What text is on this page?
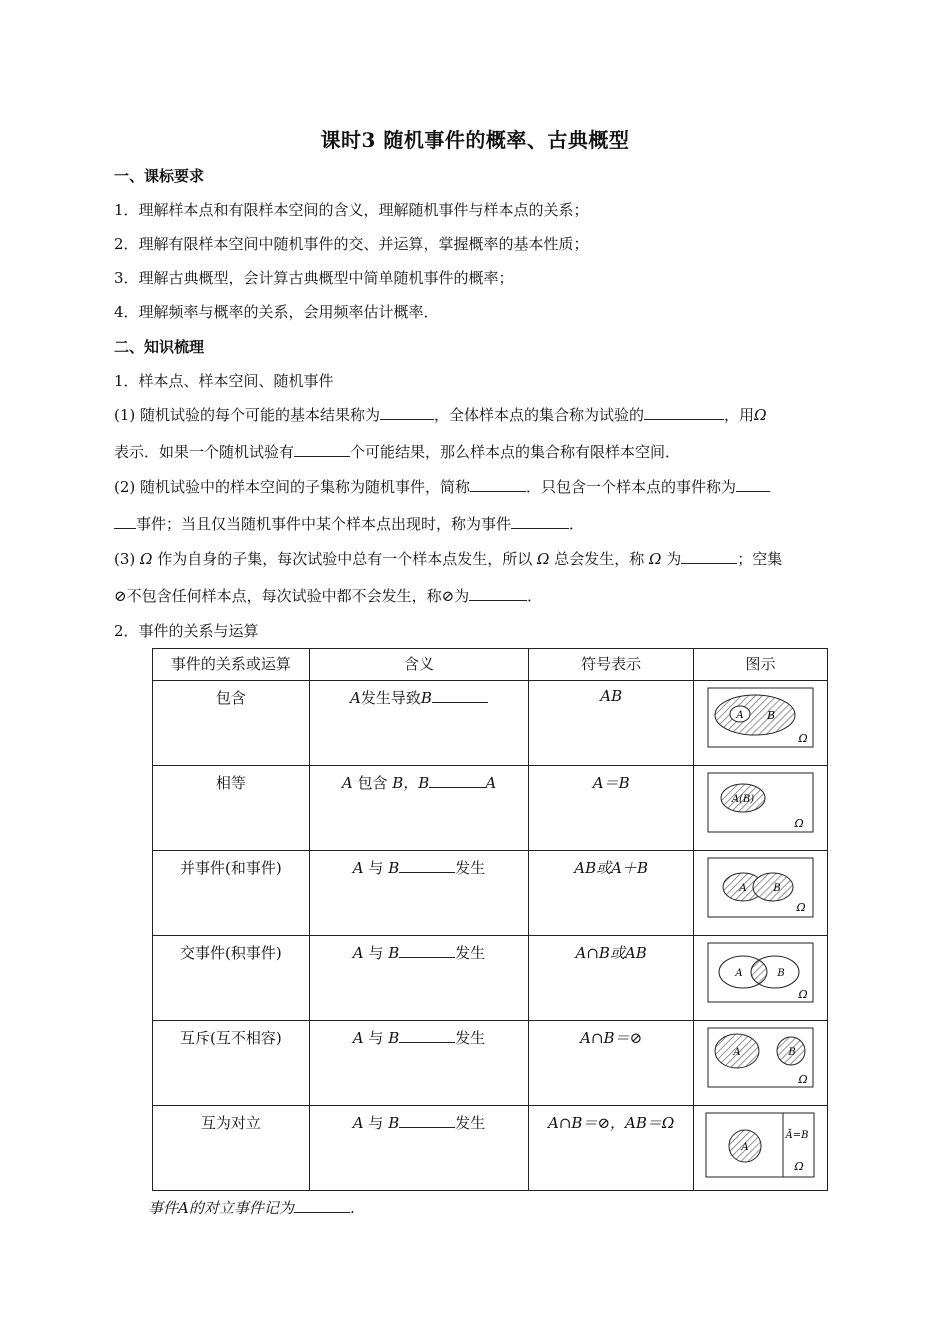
课时3 随机事件的概率、古典概型
一、课标要求
1．理解样本点和有限样本空间的含义，理解随机事件与样本点的关系；
2．理解有限样本空间中随机事件的交、并运算，掌握概率的基本性质；
3．理解古典概型，会计算古典概型中简单随机事件的概率；
4．理解频率与概率的关系，会用频率估计概率．
二、知识梳理
1．样本点、样本空间、随机事件
(1) 随机试验的每个可能的基本结果称为	，全体样本点的集合称为试验的	，用Ω
表示．如果一个随机试验有	个可能结果，那么样本点的集合称有限样本空间．
(2) 随机试验中的样本空间的子集称为随机事件，简称	．只包含一个样本点的事件称为
事件；当且仅当随机事件中某个样本点出现时，称为事件	．
(3) Ω 作为自身的子集，每次试验中总有一个样本点发生，所以 Ω 总会发生，称 Ω 为	；空集
⊘不包含任何样本点，每次试验中都不会发生，称⊘为	．
2．事件的关系与运算
事件的关系或运算	含义	符号表示	图示
包含	A发生导致B	AB	A B
Ω

相等	A 包含 B，B A	A＝B	A(B)
Ω

并事件(和事件)	A 与 B 发生	AB或A＋B	A B
Ω

交事件(积事件)	A 与 B 发生	A∩B或AB	A B
Ω

互斥(互不相容)	A 与 B 发生	A∩B＝⊘	A B
Ω

互为对立	A 与 B 发生	A∩B＝⊘，AB＝Ω	A
Ā=B
Ω
事件A的对立事件记为	．
